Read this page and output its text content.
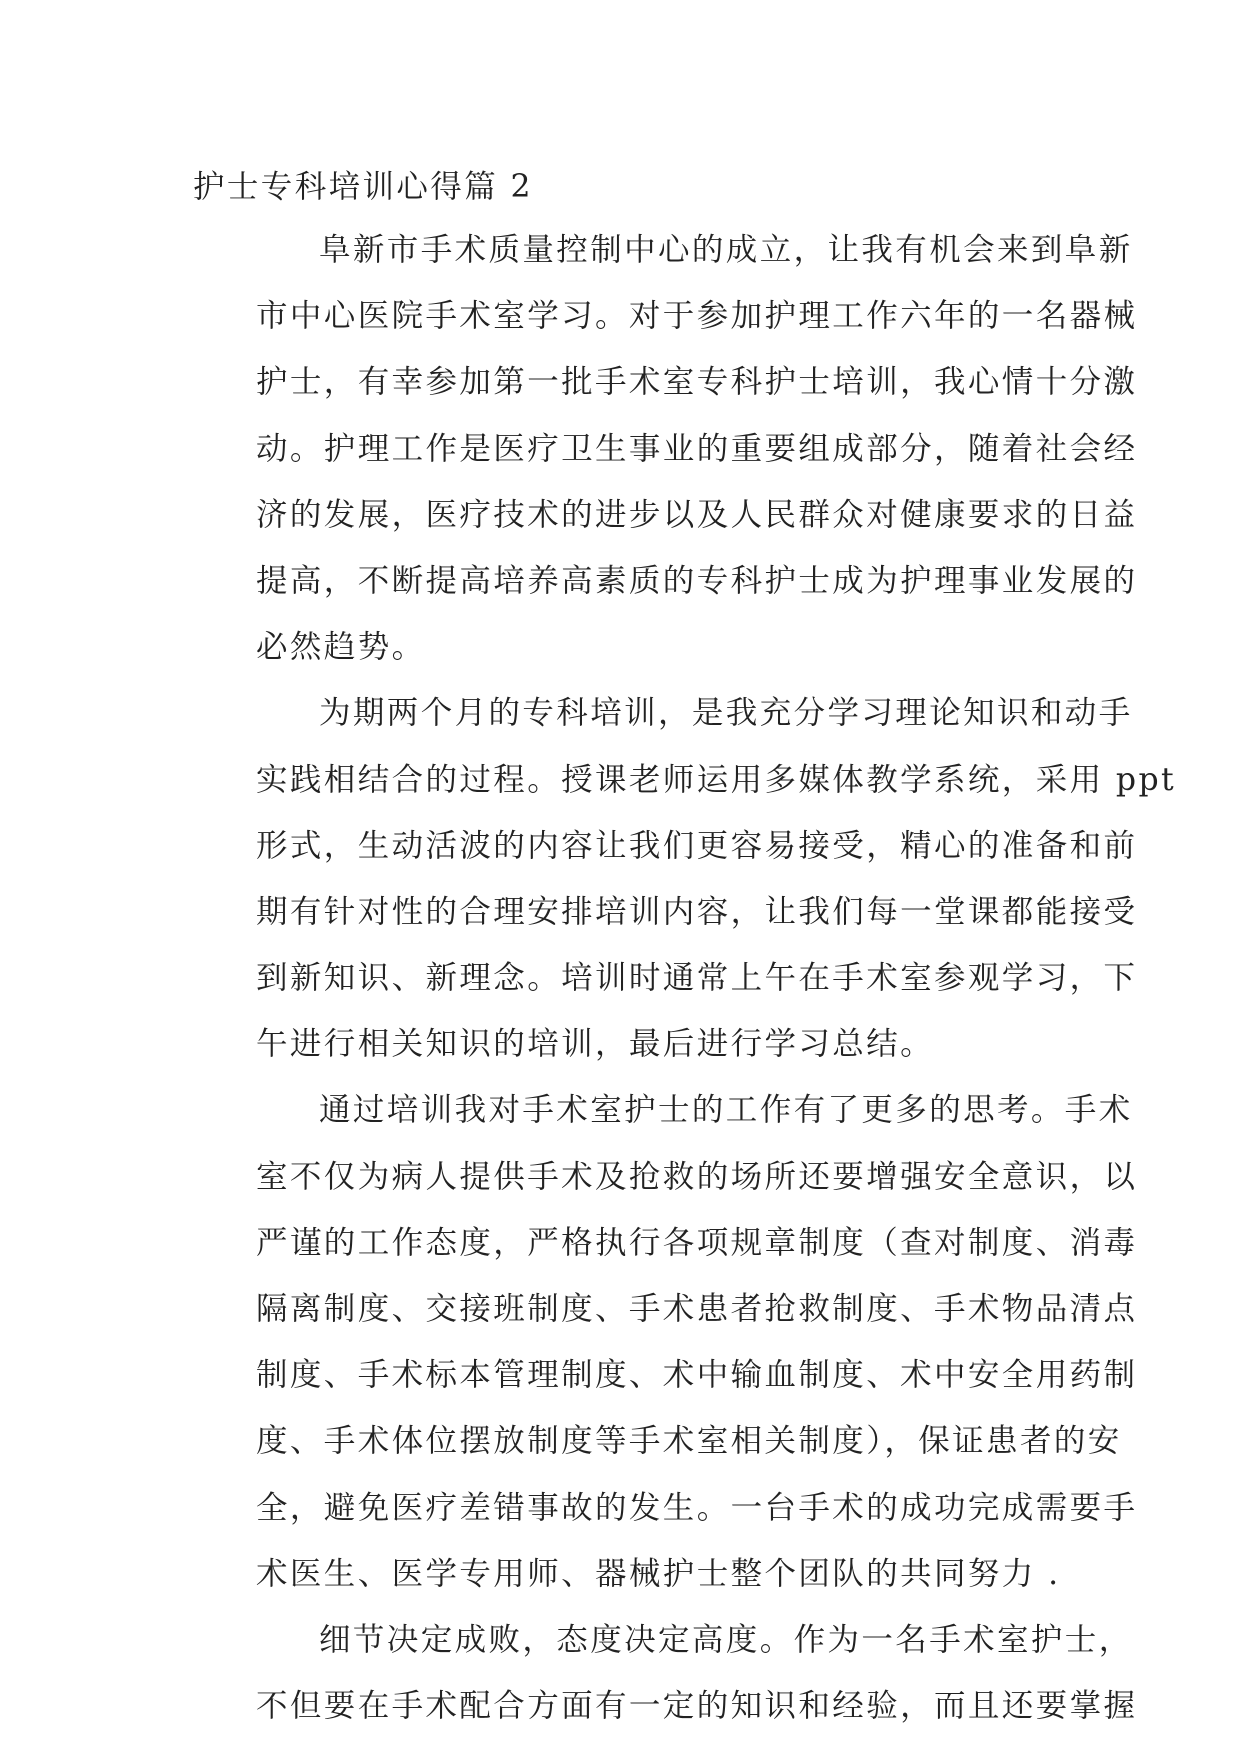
护士专科培训心得篇 2
阜新市手术质量控制中心的成立，让我有机会来到阜新
市中心医院手术室学习。对于参加护理工作六年的一名器械
护士，有幸参加第一批手术室专科护士培训，我心情十分激
动。护理工作是医疗卫生事业的重要组成部分，随着社会经
济的发展，医疗技术的进步以及人民群众对健康要求的日益
提高，不断提高培养高素质的专科护士成为护理事业发展的
必然趋势。
为期两个月的专科培训，是我充分学习理论知识和动手
实践相结合的过程。授课老师运用多媒体教学系统，采用 ppt
形式，生动活波的内容让我们更容易接受，精心的准备和前
期有针对性的合理安排培训内容，让我们每一堂课都能接受
到新知识、新理念。培训时通常上午在手术室参观学习，下
午进行相关知识的培训，最后进行学习总结。
通过培训我对手术室护士的工作有了更多的思考。手术
室不仅为病人提供手术及抢救的场所还要增强安全意识，以
严谨的工作态度，严格执行各项规章制度（查对制度、消毒
隔离制度、交接班制度、手术患者抢救制度、手术物品清点
制度、手术标本管理制度、术中输血制度、术中安全用药制
度、手术体位摆放制度等手术室相关制度），保证患者的安
全，避免医疗差错事故的发生。一台手术的成功完成需要手
术医生、医学专用师、器械护士整个团队的共同努力 .
细节决定成败，态度决定高度。作为一名手术室护士，
不但要在手术配合方面有一定的知识和经验，而且还要掌握
